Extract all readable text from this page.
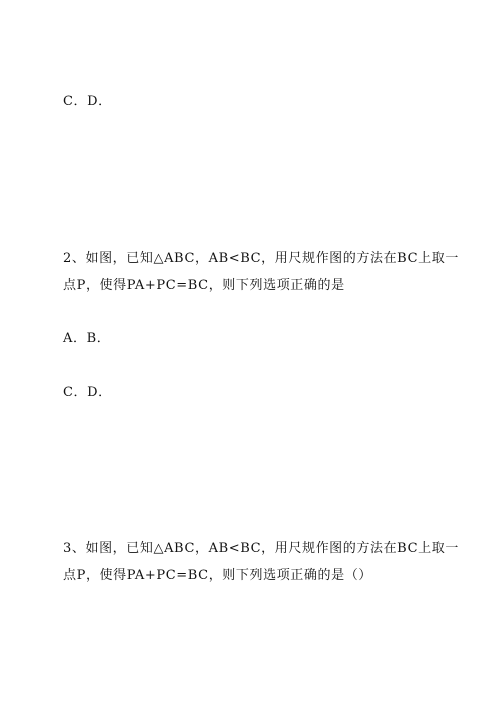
C．D．
2、如图，已知△ABC，AB<BC，用尺规作图的方法在BC上取一
点P，使得PA+PC=BC，则下列选项正确的是
A．B．
C．D．
3、如图，已知△ABC，AB<BC，用尺规作图的方法在BC上取一
点P，使得PA+PC=BC，则下列选项正确的是（）
